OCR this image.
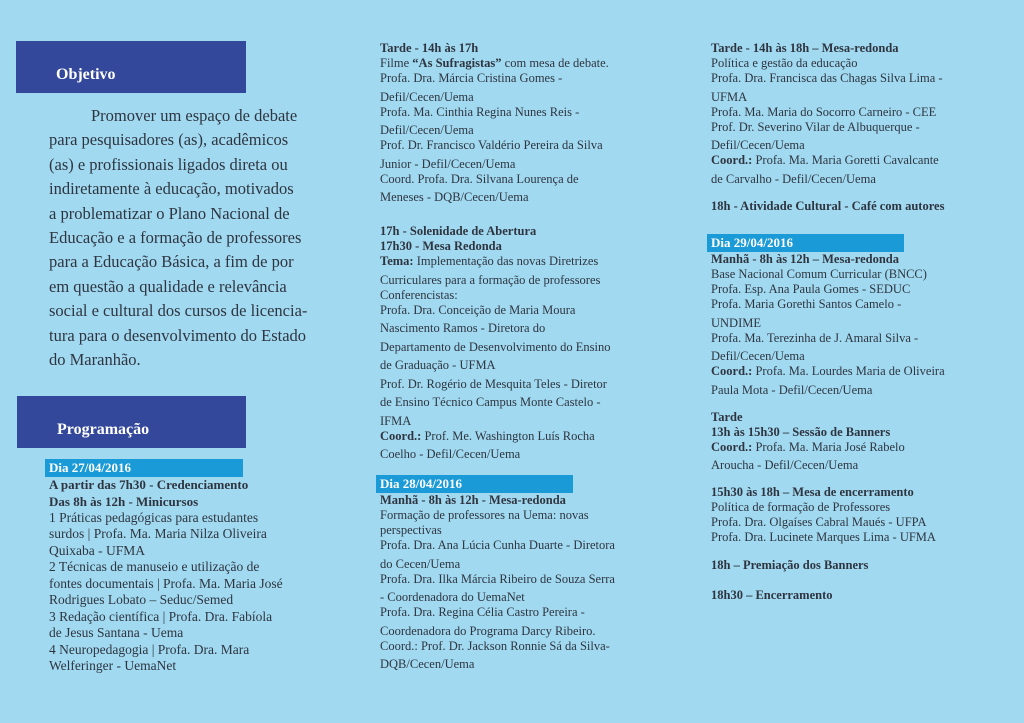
Objetivo
Promover um espaço de debate
para pesquisadores (as), acadêmicos
(as) e profissionais ligados direta ou
indiretamente à educação, motivados
a problematizar o Plano Nacional de
Educação e a formação de professores
para a Educação Básica, a fim de por
em questão a qualidade e relevância
social e cultural dos cursos de licencia-
tura para o desenvolvimento do Estado
do Maranhão.
Programação
Dia 27/04/2016
A partir das 7h30 - Credenciamento
Das 8h às 12h - Minicursos
1 Práticas pedagógicas para estudantes
surdos | Profa. Ma. Maria Nilza Oliveira
Quixaba - UFMA
2 Técnicas de manuseio e utilização de
fontes documentais | Profa. Ma. Maria José
Rodrigues Lobato – Seduc/Semed
3 Redação científica | Profa. Dra. Fabíola
de Jesus Santana - Uema
4 Neuropedagogia | Profa. Dra. Mara
Welferinger - UemaNet
Tarde - 14h às 17h
Filme “As Sufragistas” com mesa de debate.
Profa. Dra. Márcia Cristina Gomes -
Defil/Cecen/Uema
Profa. Ma. Cinthia Regina Nunes Reis -
Defil/Cecen/Uema
Prof. Dr. Francisco Valdério Pereira da Silva
Junior - Defil/Cecen/Uema
Coord. Profa. Dra. Silvana Lourença de
Meneses - DQB/Cecen/Uema
17h - Solenidade de Abertura
17h30 - Mesa Redonda
Tema: Implementação das novas Diretrizes
Curriculares para a formação de professores
Conferencistas:
Profa. Dra. Conceição de Maria Moura
Nascimento Ramos - Diretora do
Departamento de Desenvolvimento do Ensino
de Graduação - UFMA
Prof. Dr. Rogério de Mesquita Teles - Diretor
de Ensino Técnico Campus Monte Castelo -
IFMA
Coord.: Prof. Me. Washington Luís Rocha
Coelho - Defil/Cecen/Uema
Dia 28/04/2016
Manhã - 8h às 12h - Mesa-redonda
Formação de professores na Uema: novas
perspectivas
Profa. Dra. Ana Lúcia Cunha Duarte - Diretora
do Cecen/Uema
Profa. Dra. Ilka Márcia Ribeiro de Souza Serra
- Coordenadora do UemaNet
Profa. Dra. Regina Célia Castro Pereira -
Coordenadora do Programa Darcy Ribeiro.
Coord.: Prof. Dr. Jackson Ronnie Sá da Silva-
DQB/Cecen/Uema
Tarde - 14h às 18h – Mesa-redonda
Política e gestão da educação
Profa. Dra. Francisca das Chagas Silva Lima -
UFMA
Profa. Ma. Maria do Socorro Carneiro - CEE
Prof. Dr. Severino Vilar de Albuquerque -
Defil/Cecen/Uema
Coord.: Profa. Ma. Maria Goretti Cavalcante
de Carvalho - Defil/Cecen/Uema
18h - Atividade Cultural - Café com autores
Dia 29/04/2016
Manhã - 8h às 12h – Mesa-redonda
Base Nacional Comum Curricular (BNCC)
Profa. Esp. Ana Paula Gomes - SEDUC
Profa. Maria Gorethi Santos Camelo -
UNDIME
Profa. Ma. Terezinha de J. Amaral Silva -
Defil/Cecen/Uema
Coord.: Profa. Ma. Lourdes Maria de Oliveira
Paula Mota - Defil/Cecen/Uema
Tarde
13h às 15h30 – Sessão de Banners
Coord.: Profa. Ma. Maria José Rabelo
Aroucha - Defil/Cecen/Uema
15h30 às 18h – Mesa de encerramento
Política de formação de Professores
Profa. Dra. Olgaíses Cabral Maués - UFPA
Profa. Dra. Lucinete Marques Lima - UFMA
18h – Premiação dos Banners
18h30 – Encerramento
